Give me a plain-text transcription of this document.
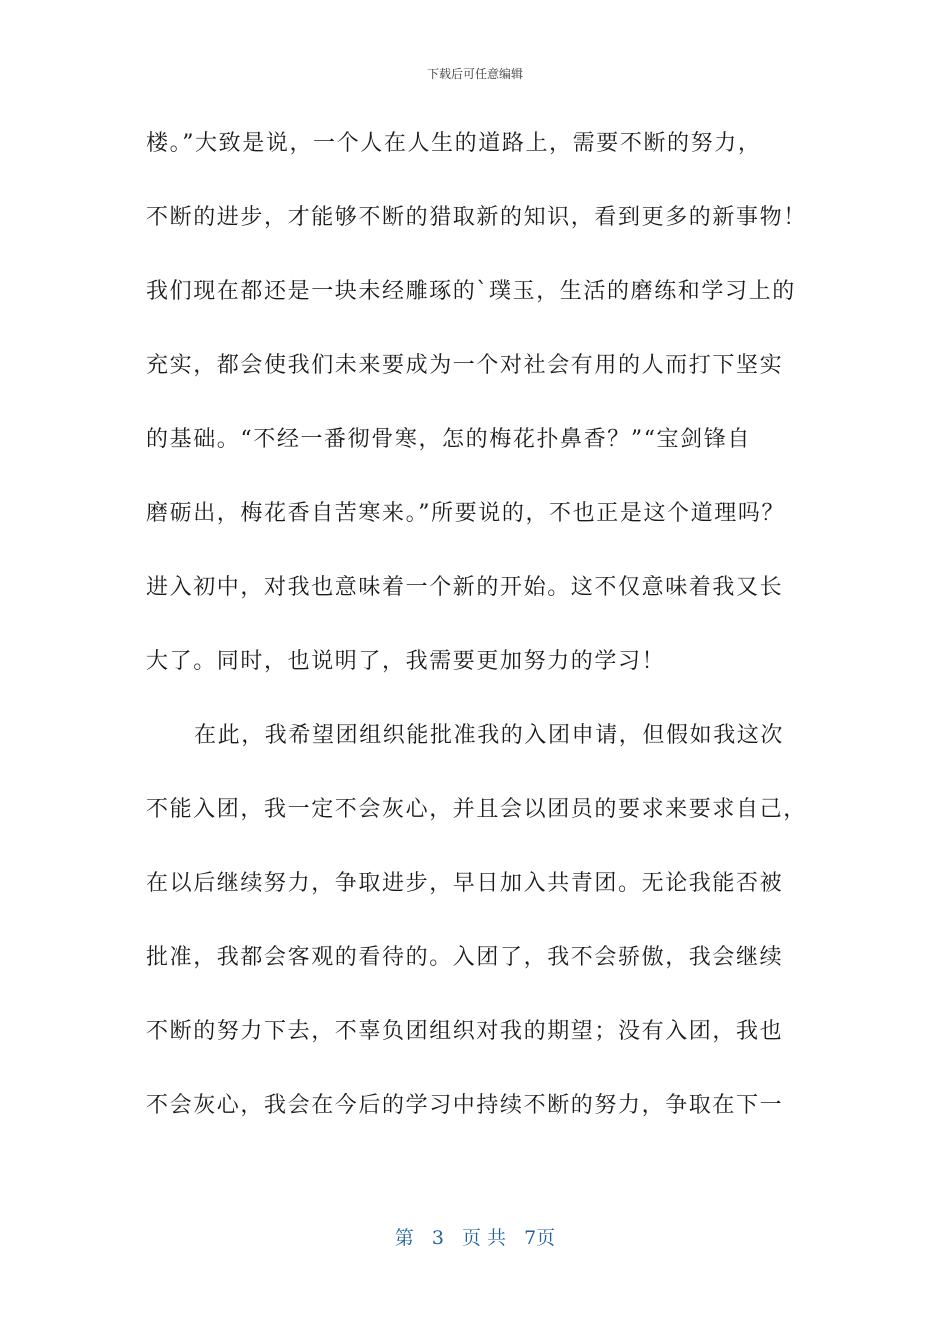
下载后可任意编辑
楼。”大致是说，一个人在人生的道路上，需要不断的努力，
不断的进步，才能够不断的猎取新的知识，看到更多的新事物！
我们现在都还是一块未经雕琢的`璞玉，生活的磨练和学习上的
充实，都会使我们未来要成为一个对社会有用的人而打下坚实
的基础。“不经一番彻骨寒，怎的梅花扑鼻香？”“宝剑锋自
磨砺出，梅花香自苦寒来。”所要说的，不也正是这个道理吗？
进入初中，对我也意味着一个新的开始。这不仅意味着我又长
大了。同时，也说明了，我需要更加努力的学习！
在此，我希望团组织能批准我的入团申请，但假如我这次
不能入团，我一定不会灰心，并且会以团员的要求来要求自己，
在以后继续努力，争取进步，早日加入共青团。无论我能否被
批准，我都会客观的看待的。入团了，我不会骄傲，我会继续
不断的努力下去，不辜负团组织对我的期望；没有入团，我也
不会灰心，我会在今后的学习中持续不断的努力，争取在下一
第 3 页 共 7页
